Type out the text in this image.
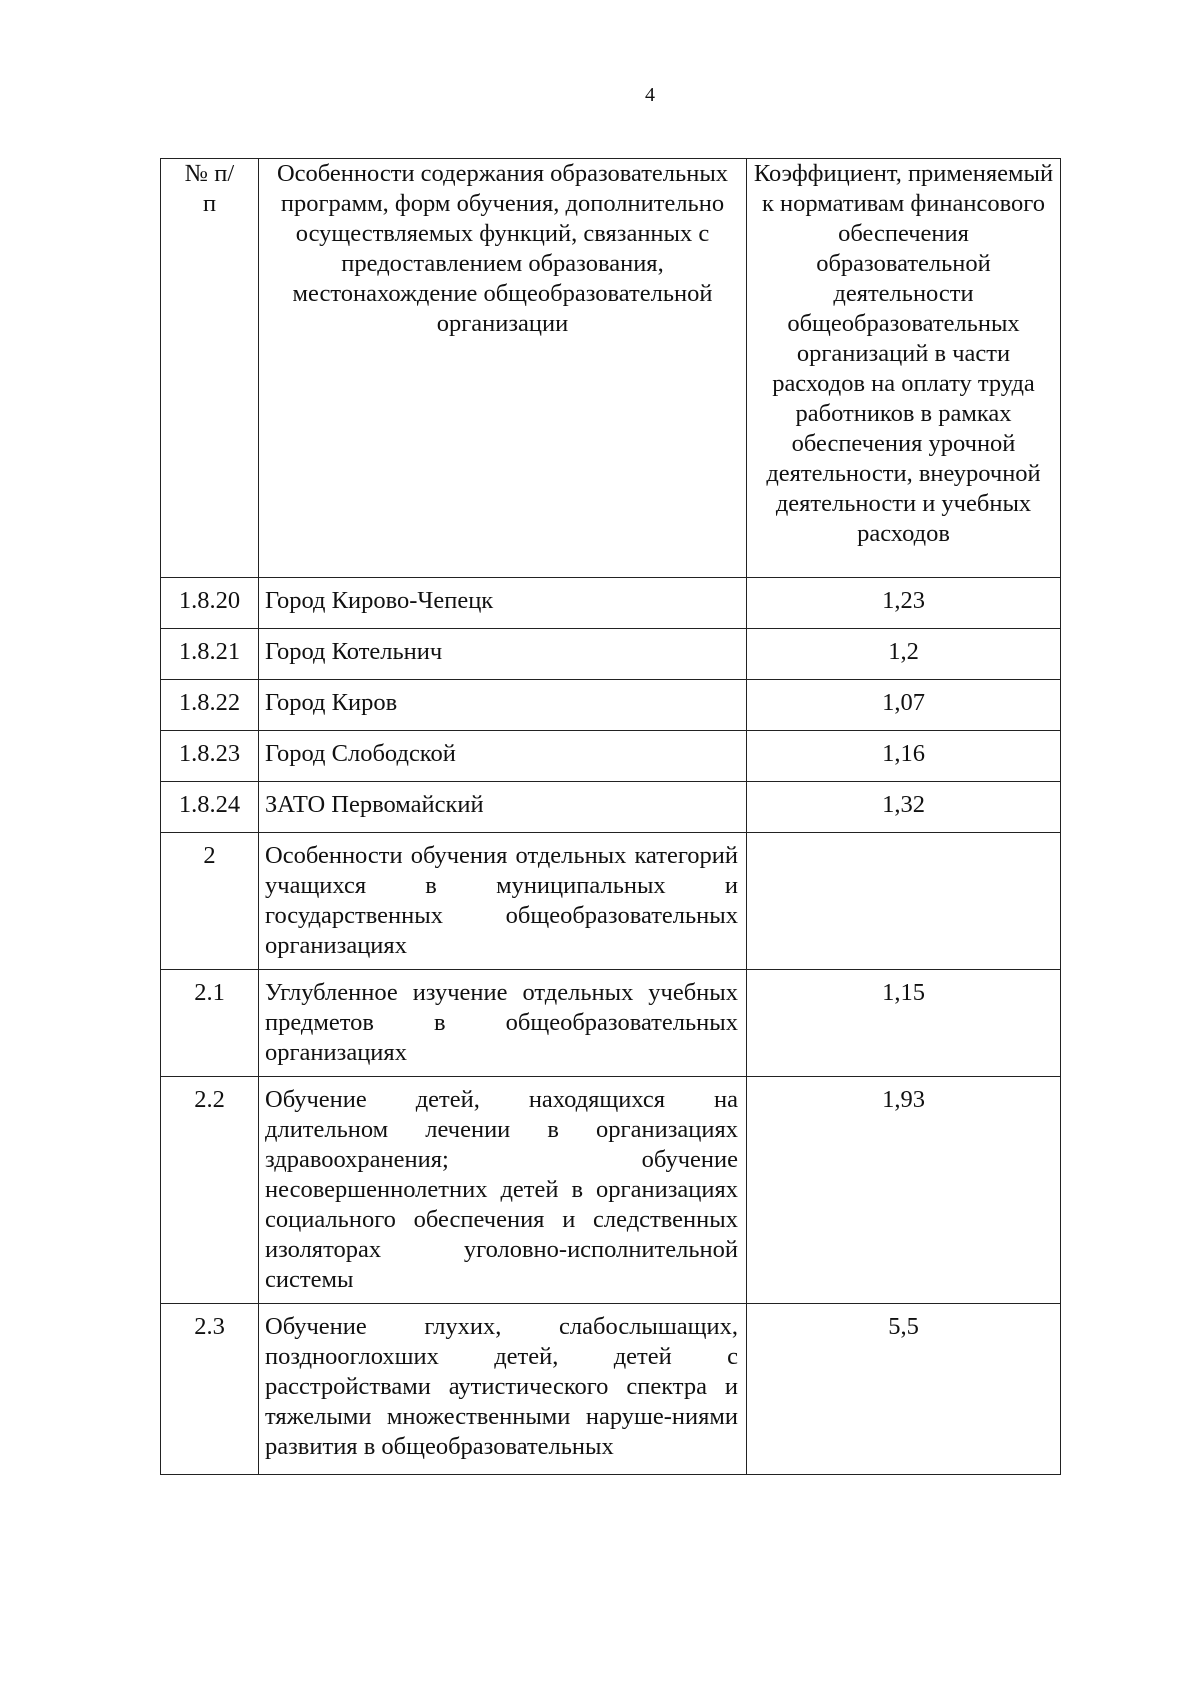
4
№ п/п	Особенности содержания образовательных программ, форм обучения, дополнительно осуществляемых функций, связанных с предоставлением образования, местонахождение общеобразовательной организации	Коэффициент, применяемый к нормативам финансового обеспечения образовательной деятельности общеобразовательных организаций в части расходов на оплату труда работников в рамках обеспечения урочной деятельности, внеурочной деятельности и учебных расходов

1.8.20	Город Кирово-Чепецк	1,23
1.8.21	Город Котельнич	1,2
1.8.22	Город Киров	1,07
1.8.23	Город Слободской	1,16
1.8.24	ЗАТО Первомайский	1,32
2	Особенности обучения отдельных категорий учащихся в муниципальных и государственных общеобразовательных организациях	

2.1	Углубленное изучение отдельных учебных предметов в общеобразовательных организациях	1,15
2.2	Обучение детей, находящихся на длительном лечении в организациях здравоохранения; обучение несовершеннолетних детей в организациях социального обеспечения и следственных изоляторах уголовно-исполнительной системы	1,93
2.3	Обучение глухих, слабослышащих, позднооглохших детей, детей с расстройствами аутистического спектра и тяжелыми множественными наруше-ниями развития в общеобразовательных	5,5
